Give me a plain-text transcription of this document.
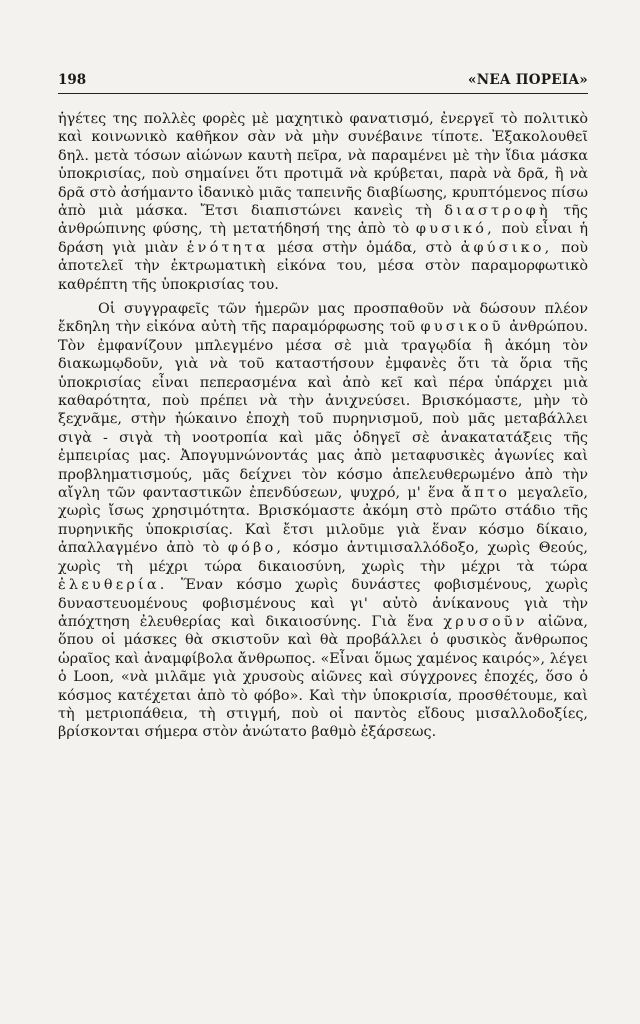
198	«ΝΕΑ ΠΟΡΕΙΑ»

ἡγέτες της πολλὲς φορὲς μὲ μαχητικὸ φανατισμό, ἐνεργεῖ τὸ πολιτικὸ καὶ κοινωνικὸ καθῆκον σὰν νὰ μὴν συνέβαινε τίποτε. Ἐξακολουθεῖ δηλ. μετὰ τόσων αἰώνων καυτὴ πεῖρα, νὰ παραμένει μὲ τὴν ἴδια μάσκα ὑποκρισίας, ποὺ σημαίνει ὅτι προτιμᾶ νὰ κρύβεται, παρὰ νὰ δρᾶ, ἢ νὰ δρᾶ στὸ ἀσήμαντο ἰδανικὸ μιᾶς ταπεινῆς διαβίωσης, κρυπτόμενος πίσω ἀπὸ μιὰ μάσκα. Ἔτσι διαπιστώνει κανεὶς τὴ διαστροφὴ τῆς ἀνθρώπινης φύσης, τὴ μετατήδησή της ἀπὸ τὸ φυσικό, ποὺ εἶναι ἡ δράση γιὰ μιὰν ἑνότητα μέσα στὴν ὁμάδα, στὸ ἀφύσικο, ποὺ ἀποτελεῖ τὴν ἐκτρωματικὴ εἰκόνα του, μέσα στὸν παραμορφωτικὸ καθρέπτη τῆς ὑποκρισίας του.

Οἱ συγγραφεῖς τῶν ἡμερῶν μας προσπαθοῦν νὰ δώσουν πλέον ἔκδηλη τὴν εἰκόνα αὐτὴ τῆς παραμόρφωσης τοῦ φυσικοῦ ἀνθρώπου. Τὸν ἐμφανίζουν μπλεγμένο μέσα σὲ μιὰ τραγῳδία ἢ ἀκόμη τὸν διακωμῳδοῦν, γιὰ νὰ τοῦ καταστήσουν ἐμφανὲς ὅτι τὰ ὅρια τῆς ὑποκρισίας εἶναι πεπερασμένα καὶ ἀπὸ κεῖ καὶ πέρα ὑπάρχει μιὰ καθαρότητα, ποὺ πρέπει νὰ τὴν ἀνιχνεύσει. Βρισκόμαστε, μὴν τὸ ξεχνᾶμε, στὴν ἠώκαινο ἐποχὴ τοῦ πυρηνισμοῦ, ποὺ μᾶς μεταβάλλει σιγὰ - σιγὰ τὴ νοοτροπία καὶ μᾶς ὁδηγεῖ σὲ ἀνακατατάξεις τῆς ἐμπειρίας μας. Ἀπογυμνώνοντάς μας ἀπὸ μεταφυσικὲς ἀγωνίες καὶ προβληματισμούς, μᾶς δείχνει τὸν κόσμο ἀπελευθερωμένο ἀπὸ τὴν αἴγλη τῶν φανταστικῶν ἐπενδύσεων, ψυχρό, μ' ἕνα ἄπτο μεγαλεῖο, χωρὶς ἴσως χρησιμότητα. Βρισκόμαστε ἀκόμη στὸ πρῶτο στάδιο τῆς πυρηνικῆς ὑποκρισίας. Καὶ ἔτσι μιλοῦμε γιὰ ἕναν κόσμο δίκαιο, ἀπαλλαγμένο ἀπὸ τὸ φόβο, κόσμο ἀντιμισαλλόδοξο, χωρὶς Θεούς, χωρὶς τὴ μέχρι τώρα δικαιοσύνη, χωρὶς τὴν μέχρι τὰ τώρα ἐλευθερία. Ἕναν κόσμο χωρὶς δυνάστες φοβισμένους, χωρὶς δυναστευομένους φοβισμένους καὶ γι' αὐτὸ ἀνίκανους γιὰ τὴν ἀπόχτηση ἐλευθερίας καὶ δικαιοσύνης. Γιὰ ἕνα χρυσοῦν αἰῶνα, ὅπου οἱ μάσκες θὰ σκιστοῦν καὶ θὰ προβάλλει ὁ φυσικὸς ἄνθρωπος ὡραῖος καὶ ἀναμφίβολα ἄνθρωπος. «Εἶναι ὅμως χαμένος καιρός», λέγει ὁ Loon, «νὰ μιλᾶμε γιὰ χρυσοὺς αἰῶνες καὶ σύγχρονες ἐποχές, ὅσο ὁ κόσμος κατέχεται ἀπὸ τὸ φόβο». Καὶ τὴν ὑποκρισία, προσθέτουμε, καὶ τὴ μετριοπάθεια, τὴ στιγμή, ποὺ οἱ παντὸς εἴδους μισαλλοδοξίες, βρίσκονται σήμερα στὸν ἀνώτατο βαθμὸ ἐξάρσεως.
